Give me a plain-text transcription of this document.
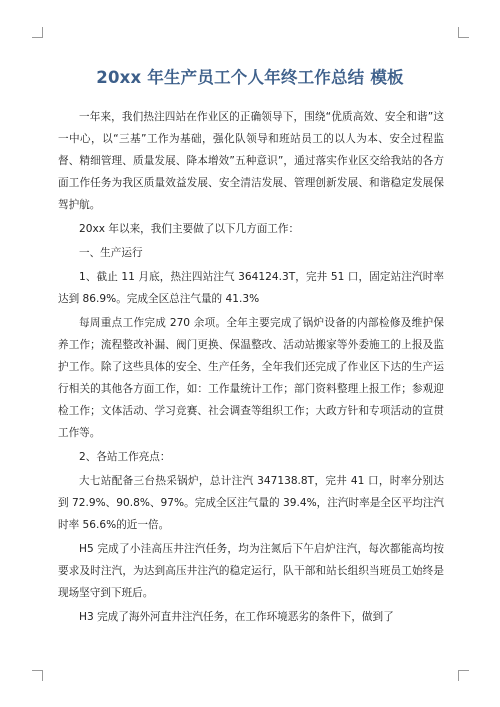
20xx 年生产员工个人年终工作总结 模板

一年来，我们热注四站在作业区的正确领导下，围绕“优质高效、安全和谐”这一中心，以“三基”工作为基础，强化队领导和班站员工的以人为本、安全过程监督、精细管理、质量发展、降本增效”五种意识”，通过落实作业区交给我站的各方面工作任务为我区质量效益发展、安全清洁发展、管理创新发展、和谐稳定发展保驾护航。

20xx 年以来，我们主要做了以下几方面工作：

一、生产运行

1、截止 11 月底，热注四站注气 364124.3T，完井 51 口，固定站注汽时率达到 86.9%。完成全区总注气量的 41.3%

每周重点工作完成 270 余项。全年主要完成了锅炉设备的内部检修及维护保养工作；流程整改补漏、阀门更换、保温整改、活动站搬家等外委施工的上报及监护工作。除了这些具体的安全、生产任务，全年我们还完成了作业区下达的生产运行相关的其他各方面工作，如：工作量统计工作；部门资料整理上报工作；参观迎检工作；文体活动、学习竞赛、社会调查等组织工作；大政方针和专项活动的宣贯工作等。

2、各站工作亮点：

大七站配备三台热采锅炉，总计注汽 347138.8T，完井 41 口，时率分别达到 72.9%、90.8%、97%。完成全区注气量的 39.4%，注汽时率是全区平均注汽时率 56.6%的近一倍。

H5 完成了小洼高压井注汽任务，均为注氮后下午启炉注汽，每次都能高均按要求及时注汽，为达到高压井注汽的稳定运行，队干部和站长组织当班员工始终是现场坚守到下班后。

H3 完成了海外河直井注汽任务，在工作环境恶劣的条件下，做到了
